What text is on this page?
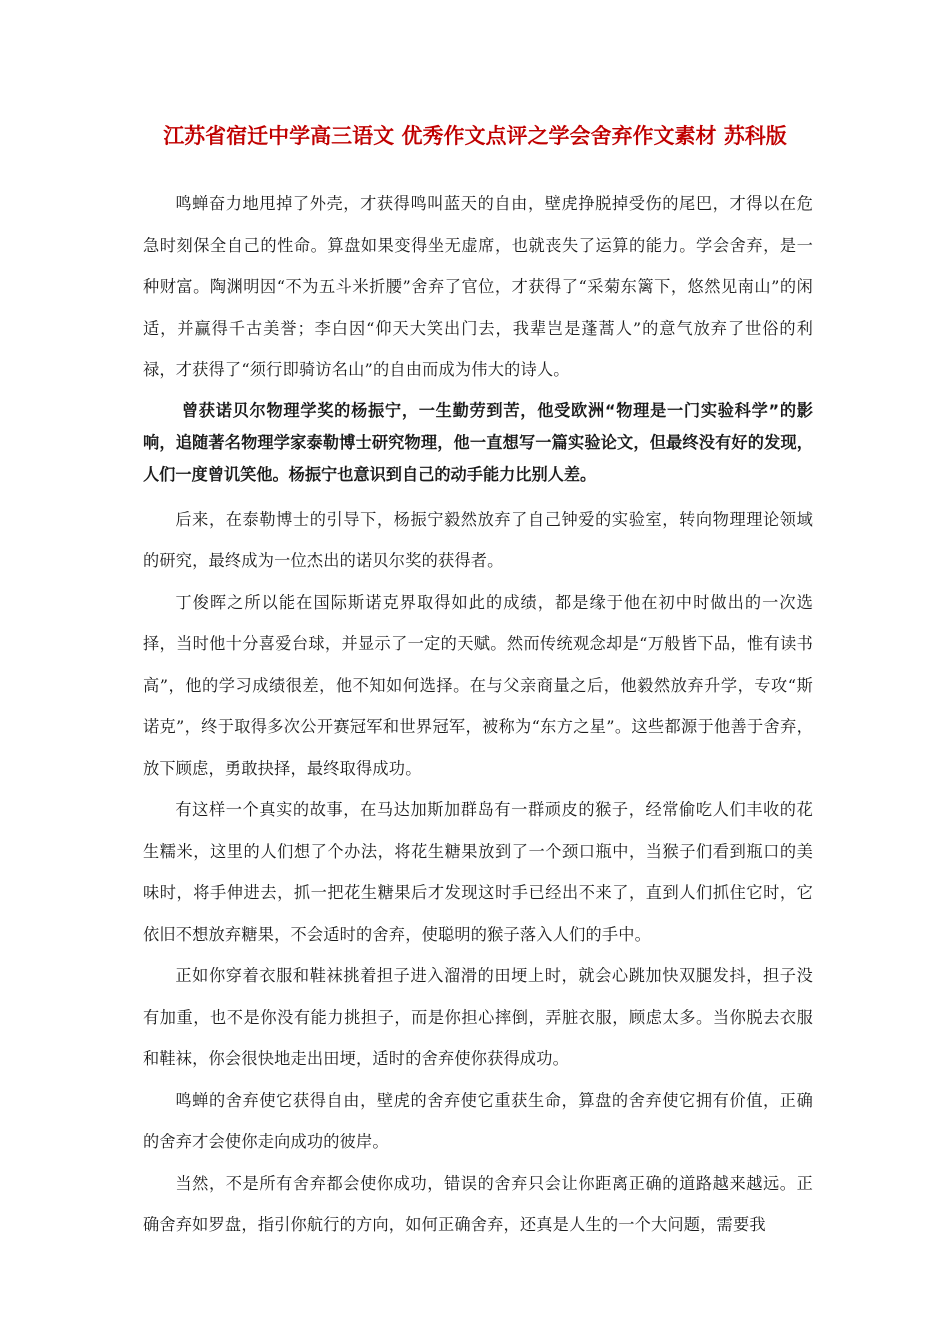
江苏省宿迁中学高三语文 优秀作文点评之学会舍弃作文素材 苏科版

鸣蝉奋力地甩掉了外壳，才获得鸣叫蓝天的自由，壁虎挣脱掉受伤的尾巴，才得以在危急时刻保全自己的性命。算盘如果变得坐无虚席，也就丧失了运算的能力。学会舍弃，是一种财富。陶渊明因“不为五斗米折腰”舍弃了官位，才获得了“采菊东篱下，悠然见南山”的闲适，并赢得千古美誉；李白因“仰天大笑出门去，我辈岂是蓬蒿人”的意气放弃了世俗的利禄，才获得了“须行即骑访名山”的自由而成为伟大的诗人。

曾获诺贝尔物理学奖的杨振宁，一生勤劳到苦，他受欧洲“物理是一门实验科学”的影响，追随著名物理学家泰勒博士研究物理，他一直想写一篇实验论文，但最终没有好的发现，人们一度曾讥笑他。杨振宁也意识到自己的动手能力比别人差。

后来，在泰勒博士的引导下，杨振宁毅然放弃了自己钟爱的实验室，转向物理理论领域的研究，最终成为一位杰出的诺贝尔奖的获得者。

丁俊晖之所以能在国际斯诺克界取得如此的成绩，都是缘于他在初中时做出的一次选择，当时他十分喜爱台球，并显示了一定的天赋。然而传统观念却是“万般皆下品，惟有读书高”，他的学习成绩很差，他不知如何选择。在与父亲商量之后，他毅然放弃升学，专攻“斯诺克”，终于取得多次公开赛冠军和世界冠军，被称为“东方之星”。这些都源于他善于舍弃，放下顾虑，勇敢抉择，最终取得成功。

有这样一个真实的故事，在马达加斯加群岛有一群顽皮的猴子，经常偷吃人们丰收的花生糯米，这里的人们想了个办法，将花生糖果放到了一个颈口瓶中，当猴子们看到瓶口的美味时，将手伸进去，抓一把花生糖果后才发现这时手已经出不来了，直到人们抓住它时，它依旧不想放弃糖果，不会适时的舍弃，使聪明的猴子落入人们的手中。

正如你穿着衣服和鞋袜挑着担子进入溜滑的田埂上时，就会心跳加快双腿发抖，担子没有加重，也不是你没有能力挑担子，而是你担心摔倒，弄脏衣服，顾虑太多。当你脱去衣服和鞋袜，你会很快地走出田埂，适时的舍弃使你获得成功。

鸣蝉的舍弃使它获得自由，壁虎的舍弃使它重获生命，算盘的舍弃使它拥有价值，正确的舍弃才会使你走向成功的彼岸。

当然，不是所有舍弃都会使你成功，错误的舍弃只会让你距离正确的道路越来越远。正确舍弃如罗盘，指引你航行的方向，如何正确舍弃，还真是人生的一个大问题，需要我
